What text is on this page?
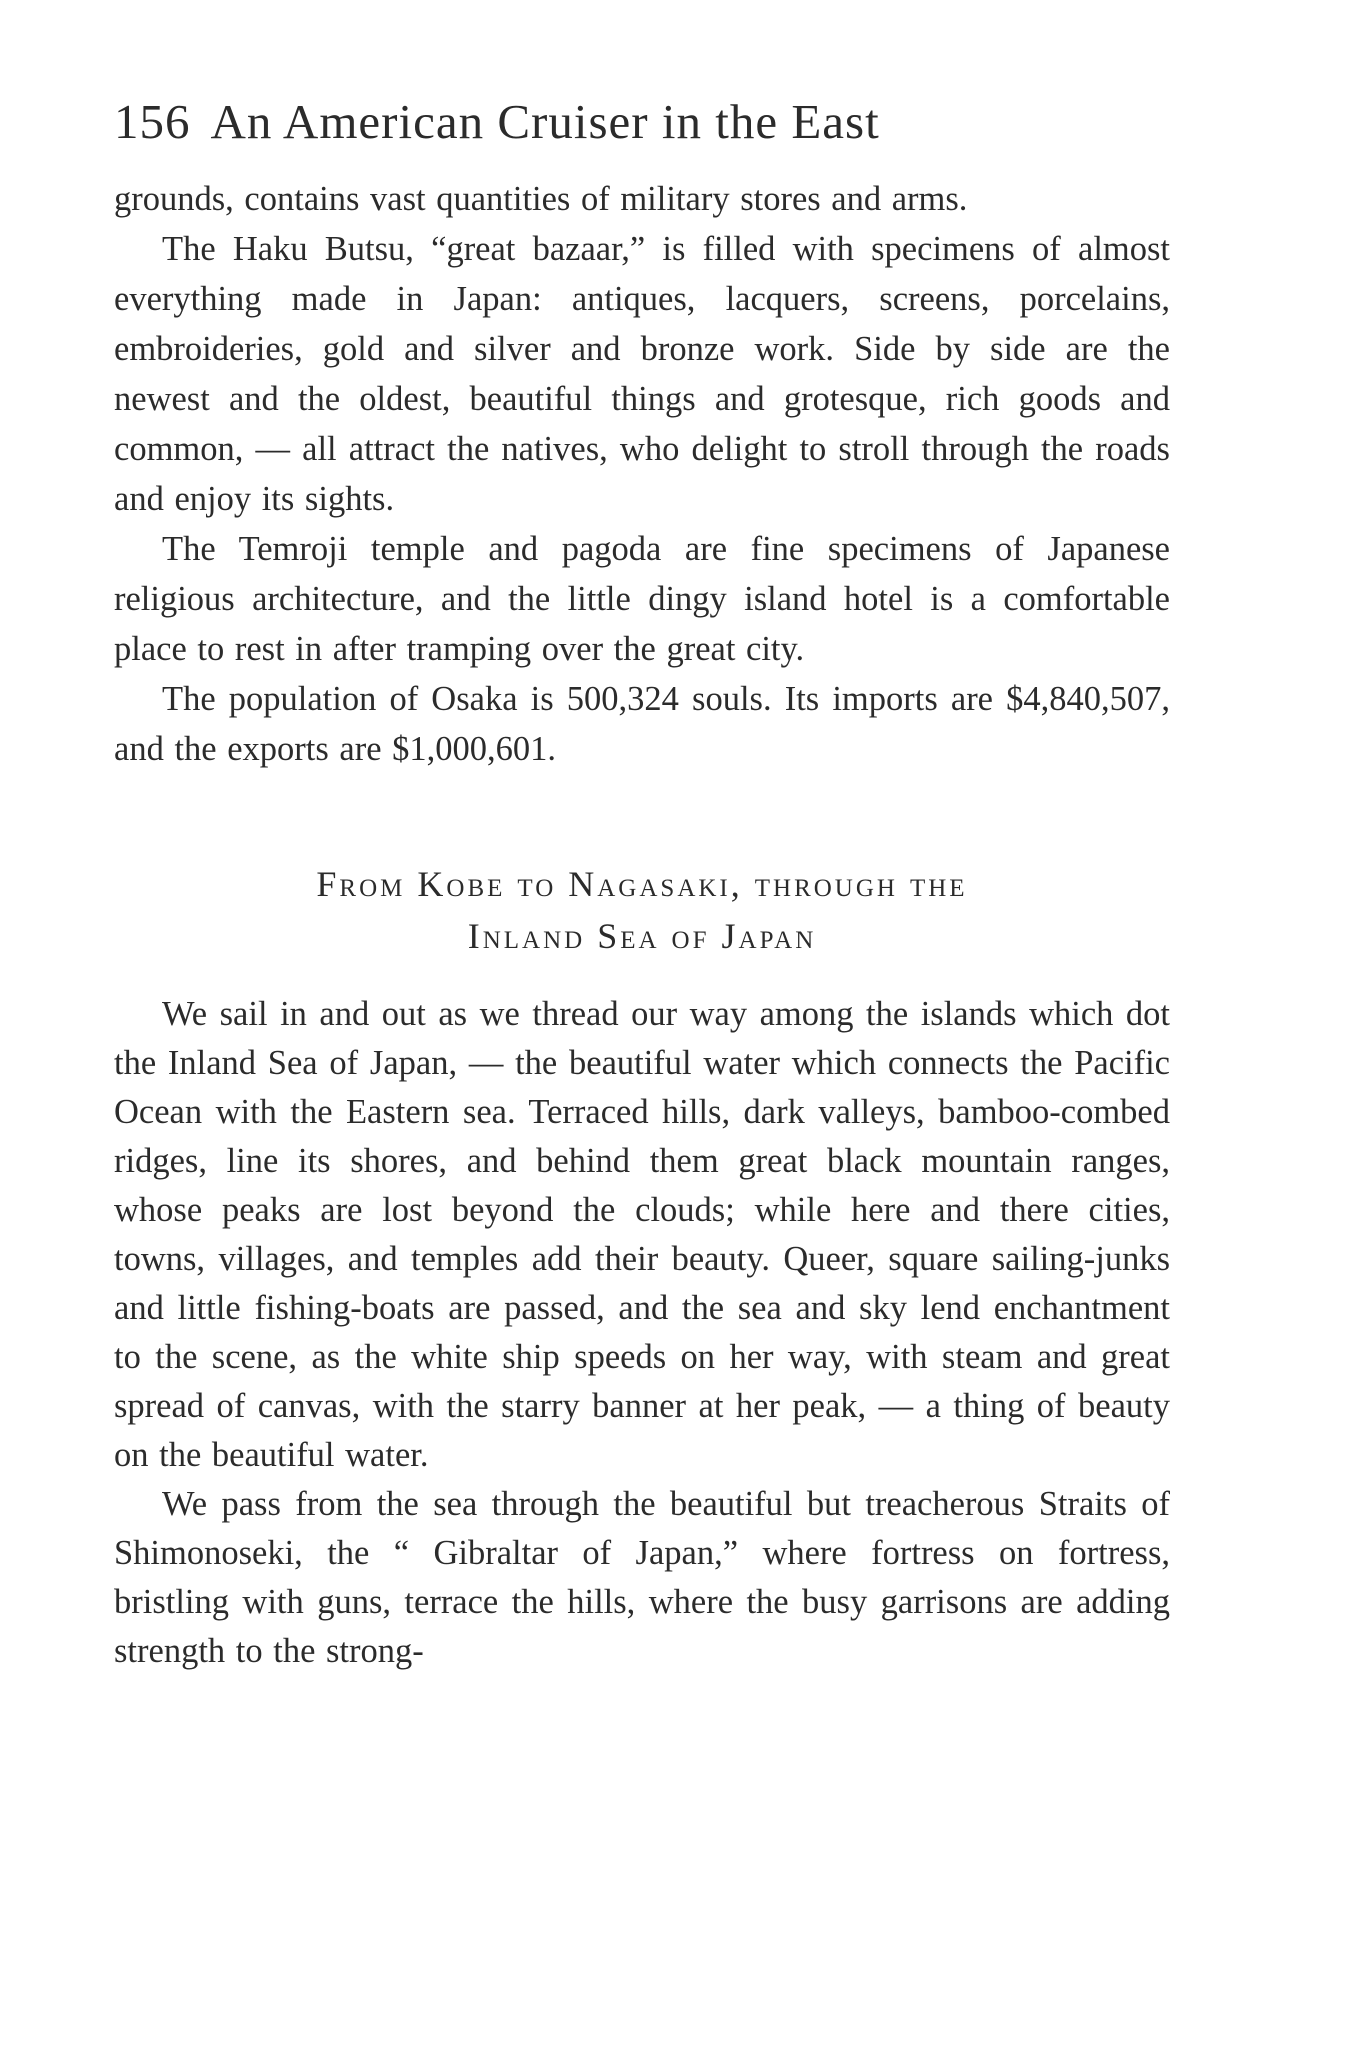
156 An American Cruiser in the East

grounds, contains vast quantities of military stores and arms.

The Haku Butsu, “great bazaar,” is filled with specimens of almost everything made in Japan: antiques, lacquers, screens, porcelains, embroideries, gold and silver and bronze work. Side by side are the newest and the oldest, beautiful things and grotesque, rich goods and common, — all attract the natives, who delight to stroll through the roads and enjoy its sights.

The Temroji temple and pagoda are fine specimens of Japanese religious architecture, and the little dingy island hotel is a comfortable place to rest in after tramping over the great city.

The population of Osaka is 500,324 souls. Its imports are $4,840,507, and the exports are $1,000,601.

From Kobe to Nagasaki, through the
Inland Sea of Japan

We sail in and out as we thread our way among the islands which dot the Inland Sea of Japan, — the beautiful water which connects the Pacific Ocean with the Eastern sea. Terraced hills, dark valleys, bamboo-combed ridges, line its shores, and behind them great black mountain ranges, whose peaks are lost beyond the clouds; while here and there cities, towns, villages, and temples add their beauty. Queer, square sailing-junks and little fishing-boats are passed, and the sea and sky lend enchantment to the scene, as the white ship speeds on her way, with steam and great spread of canvas, with the starry banner at her peak, — a thing of beauty on the beautiful water.

We pass from the sea through the beautiful but treacherous Straits of Shimonoseki, the “ Gibraltar of Japan,” where fortress on fortress, bristling with guns, terrace the hills, where the busy garrisons are adding strength to the strong-
